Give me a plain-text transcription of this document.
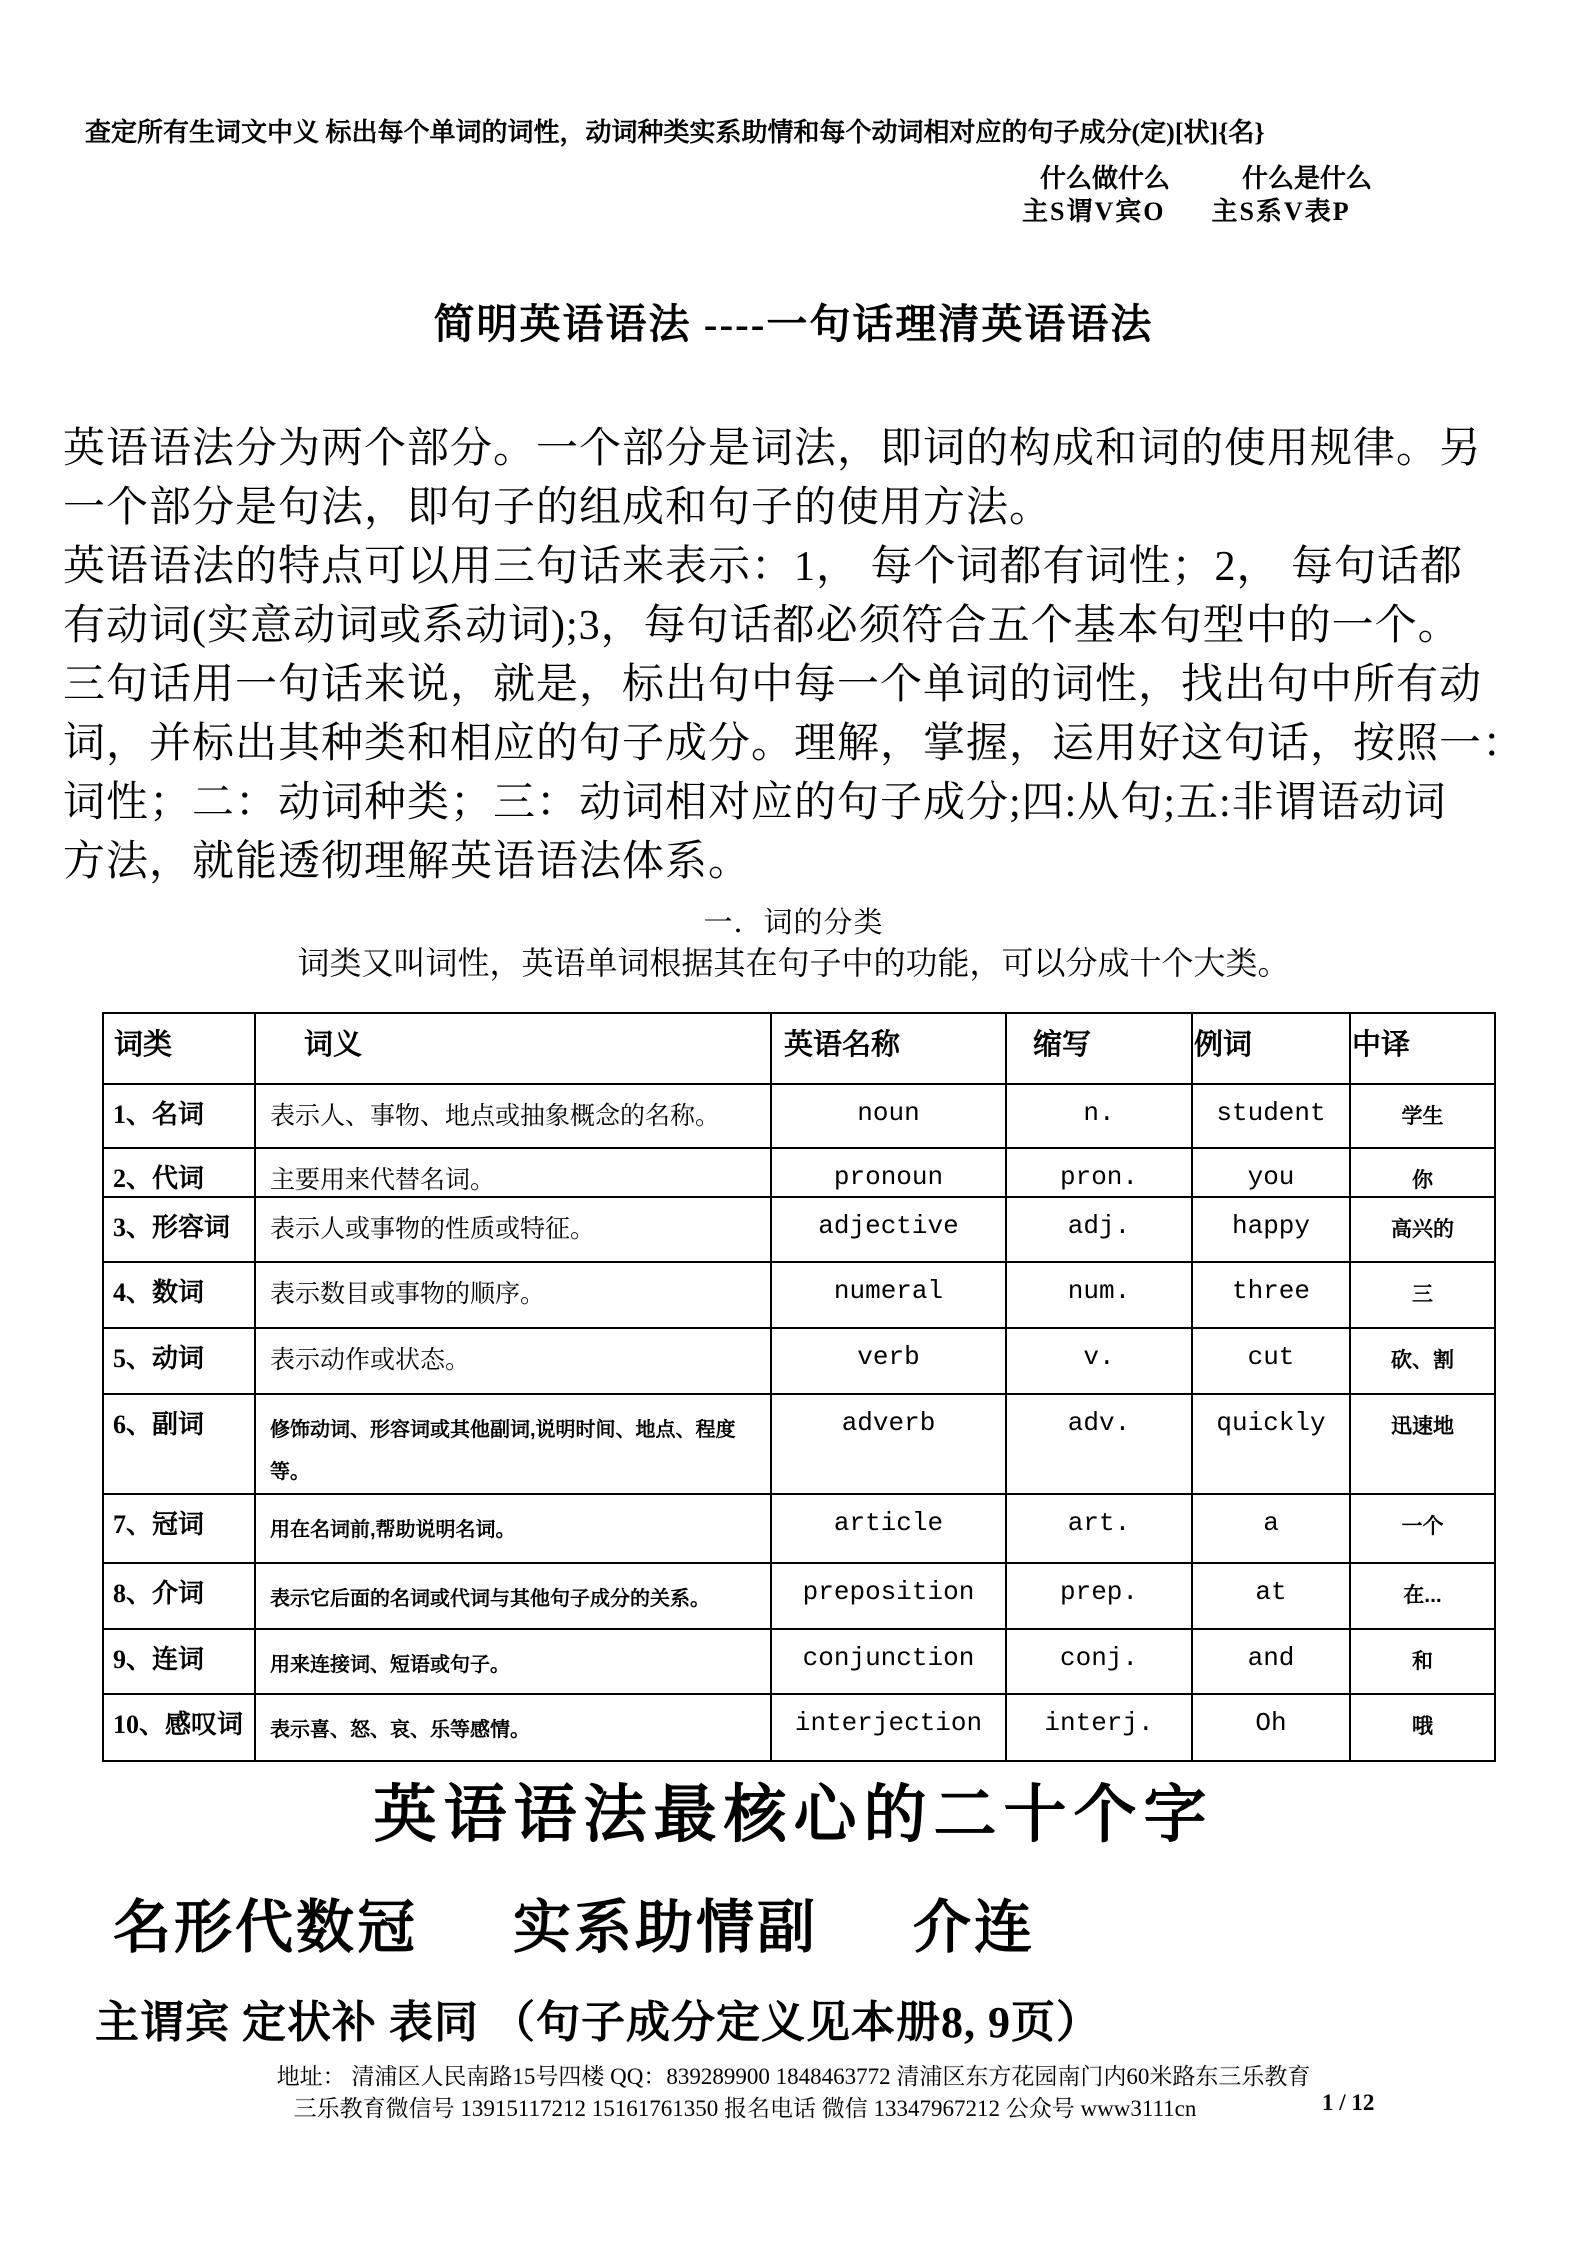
查定所有生词文中义 标出每个单词的词性，动词种类实系助情和每个动词相对应的句子成分(定)[状]{名}
什么做什么	什么是什么
主S谓V宾O 主S系V表P
简明英语语法 ----一句话理清英语语法
英语语法分为两个部分。一个部分是词法，即词的构成和词的使用规律。另
一个部分是句法，即句子的组成和句子的使用方法。
英语语法的特点可以用三句话来表示：1， 每个词都有词性；2， 每句话都
有动词(实意动词或系动词);3，每句话都必须符合五个基本句型中的一个。
三句话用一句话来说，就是，标出句中每一个单词的词性，找出句中所有动
词，并标出其种类和相应的句子成分。理解，掌握，运用好这句话，按照一：
词性；二：动词种类；三：动词相对应的句子成分;四:从句;五:非谓语动词
方法，就能透彻理解英语语法体系。
一．词的分类
词类又叫词性，英语单词根据其在句子中的功能，可以分成十个大类。
词类	词义	英语名称	缩写	例词	中译
1、名词	表示人、事物、地点或抽象概念的名称。	noun	n.	student	学生
2、代词	主要用来代替名词。	pronoun	pron.	you	你
3、形容词	表示人或事物的性质或特征。	adjective	adj.	happy	高兴的
4、数词	表示数目或事物的顺序。	numeral	num.	three	三
5、动词	表示动作或状态。	verb	v.	cut	砍、割
6、副词	修饰动词、形容词或其他副词,说明时间、地点、程度等。	adverb	adv.	quickly	迅速地
7、冠词	用在名词前,帮助说明名词。	article	art.	a	一个
8、介词	表示它后面的名词或代词与其他句子成分的关系。	preposition	prep.	at	在...
9、连词	用来连接词、短语或句子。	conjunction	conj.	and	和
10、感叹词	表示喜、怒、哀、乐等感情。	interjection	interj.	Oh	哦
英语语法最核心的二十个字
名形代数冠 实系助情副 介连
主谓宾 定状补 表同 （句子成分定义见本册8, 9页）
地址： 清浦区人民南路15号四楼 QQ：839289900 1848463772 清浦区东方花园南门内60米路东三乐教育
三乐教育微信号 13915117212 15161761350 报名电话 微信 13347967212 公众号 www3111cn	1 / 12
